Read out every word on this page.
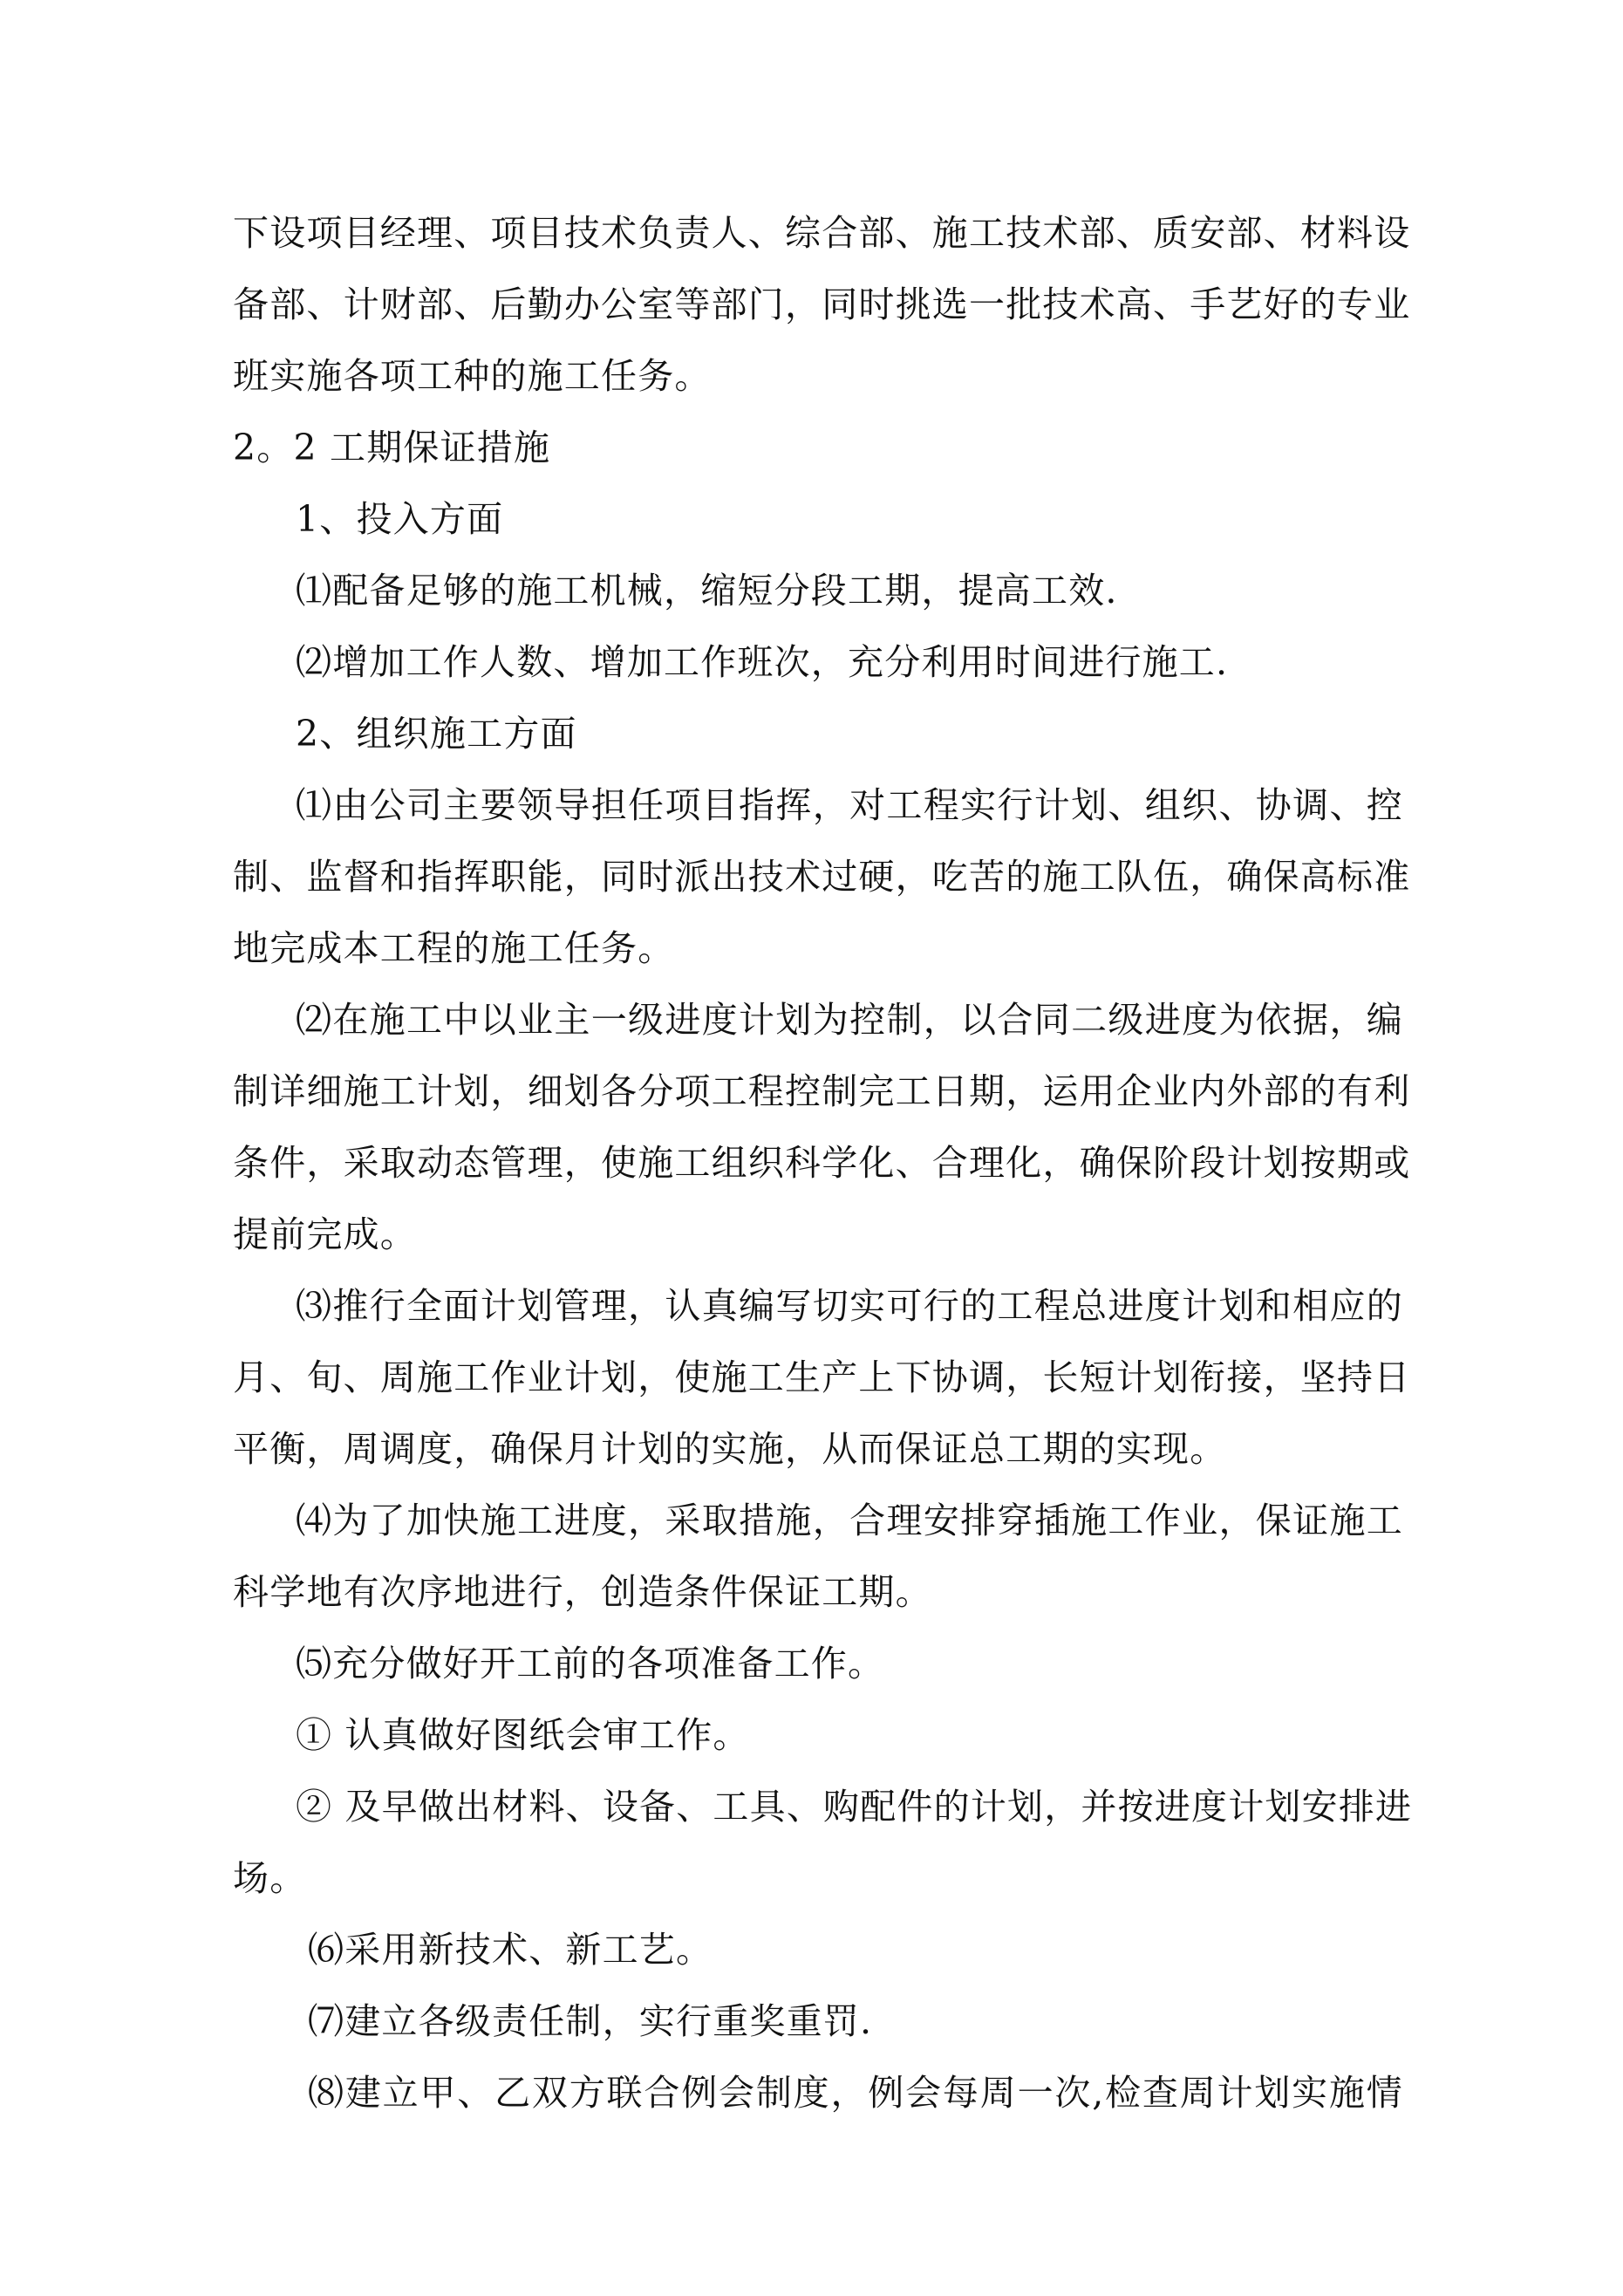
下设项目经理、项目技术负责人、综合部、施工技术部、质安部、材料设
备部、计财部、后勤办公室等部门，同时挑选一批技术高、手艺好的专业
班实施各项工种的施工任务。
2。2 工期保证措施
1、投入方面
⑴配备足够的施工机械，缩短分段工期，提高工效.
⑵增加工作人数、增加工作班次，充分利用时间进行施工.
2、组织施工方面
⑴由公司主要领导担任项目指挥，对工程实行计划、组织、协调、控
制、监督和指挥职能，同时派出技术过硬，吃苦的施工队伍，确保高标准
地完成本工程的施工任务。
⑵在施工中以业主一级进度计划为控制，以合同二级进度为依据，编
制详细施工计划，细划各分项工程控制完工日期，运用企业内外部的有利
条件，采取动态管理，使施工组织科学化、合理化，确保阶段计划按期或
提前完成。
⑶推行全面计划管理，认真编写切实可行的工程总进度计划和相应的
月、旬、周施工作业计划，使施工生产上下协调，长短计划衔接，坚持日
平衡，周调度，确保月计划的实施，从而保证总工期的实现。
⑷为了加快施工进度，采取措施，合理安排穿插施工作业，保证施工
科学地有次序地进行，创造条件保证工期。
⑸充分做好开工前的各项准备工作。
① 认真做好图纸会审工作。
② 及早做出材料、设备、工具、购配件的计划，并按进度计划安排进
场。
⑹采用新技术、新工艺。
⑺建立各级责任制，实行重奖重罚.
⑻建立甲、乙双方联合例会制度，例会每周一次,检查周计划实施情
